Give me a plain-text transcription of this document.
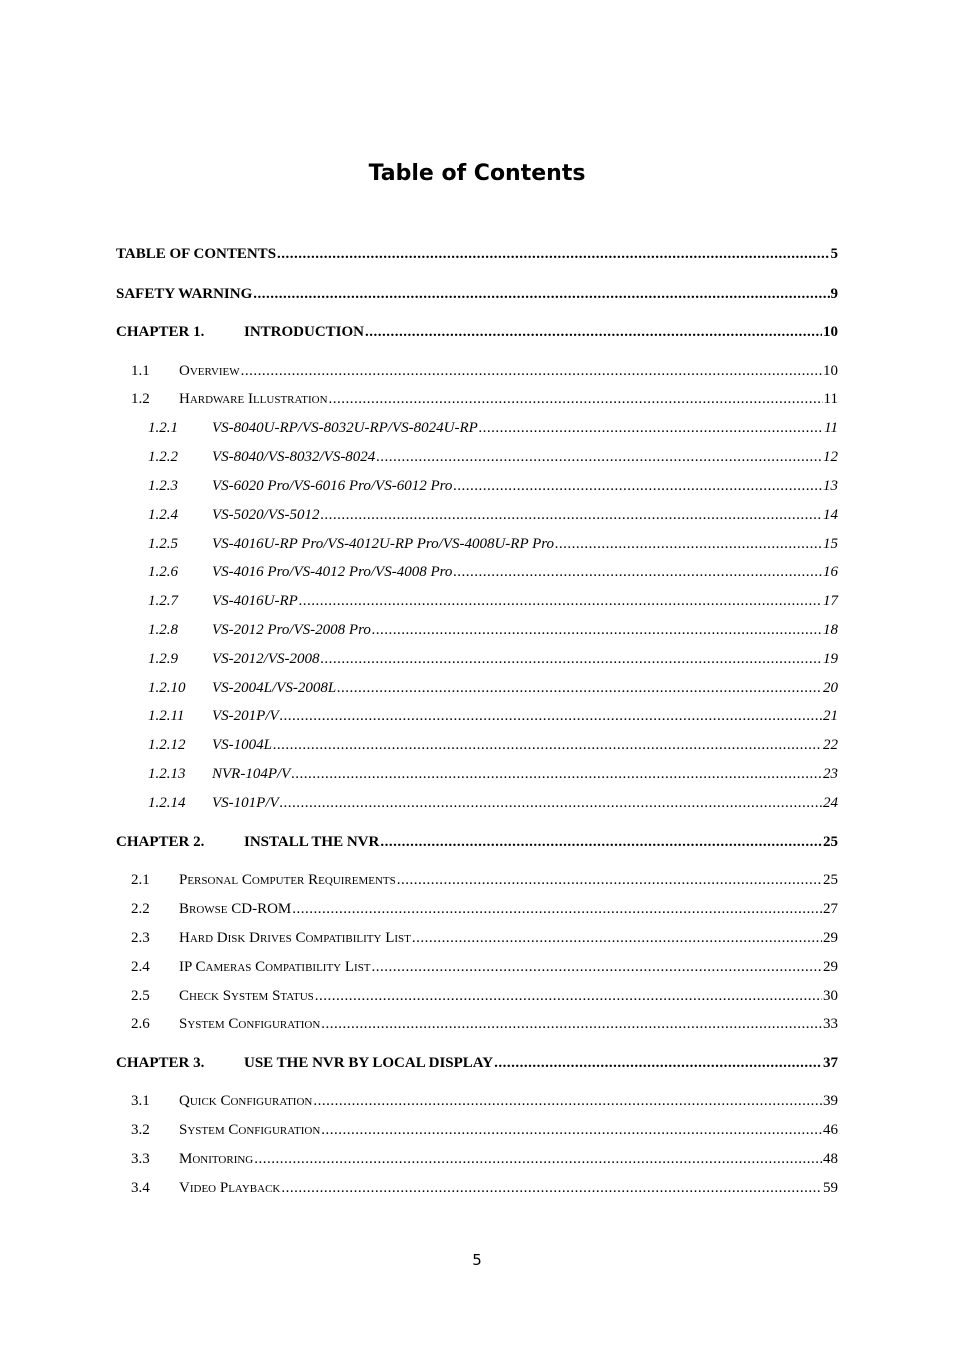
Table of Contents
TABLE OF CONTENTS .....	5
SAFETY WARNING .....	9
CHAPTER 1.	INTRODUCTION .....	10
1.1	Overview .....	10
1.2	Hardware Illustration .....	11
1.2.1	VS-8040U-RP/VS-8032U-RP/VS-8024U-RP .....	11
1.2.2	VS-8040/VS-8032/VS-8024 .....	12
1.2.3	VS-6020 Pro/VS-6016 Pro/VS-6012 Pro .....	13
1.2.4	VS-5020/VS-5012 .....	14
1.2.5	VS-4016U-RP Pro/VS-4012U-RP Pro/VS-4008U-RP Pro .....	15
1.2.6	VS-4016 Pro/VS-4012 Pro/VS-4008 Pro .....	16
1.2.7	VS-4016U-RP .....	17
1.2.8	VS-2012 Pro/VS-2008 Pro .....	18
1.2.9	VS-2012/VS-2008 .....	19
1.2.10	VS-2004L/VS-2008L .....	20
1.2.11	VS-201P/V .....	21
1.2.12	VS-1004L .....	22
1.2.13	NVR-104P/V .....	23
1.2.14	VS-101P/V .....	24
CHAPTER 2.	INSTALL THE NVR .....	25
2.1	Personal Computer Requirements .....	25
2.2	Browse CD-ROM .....	27
2.3	Hard Disk Drives Compatibility List .....	29
2.4	IP Cameras Compatibility List .....	29
2.5	Check System Status .....	30
2.6	System Configuration .....	33
CHAPTER 3.	USE THE NVR BY LOCAL DISPLAY .....	37
3.1	Quick Configuration .....	39
3.2	System Configuration .....	46
3.3	Monitoring .....	48
3.4	Video Playback .....	59
5
